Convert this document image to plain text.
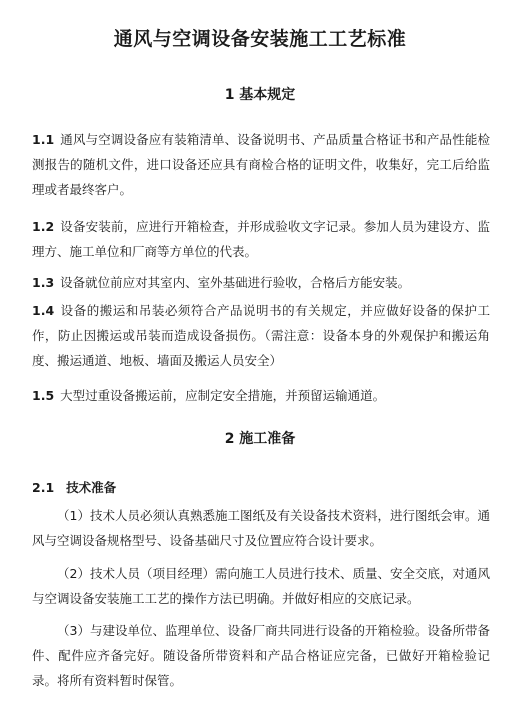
通风与空调设备安装施工工艺标准
1 基本规定
1.1 通风与空调设备应有装箱清单、设备说明书、产品质量合格证书和产品性能检测报告的随机文件，进口设备还应具有商检合格的证明文件，收集好，完工后给监理或者最终客户。
1.2 设备安装前，应进行开箱检查，并形成验收文字记录。参加人员为建设方、监理方、施工单位和厂商等方单位的代表。
1.3 设备就位前应对其室内、室外基础进行验收，合格后方能安装。
1.4 设备的搬运和吊装必须符合产品说明书的有关规定，并应做好设备的保护工作，防止因搬运或吊装而造成设备损伤。（需注意：设备本身的外观保护和搬运角度、搬运通道、地板、墙面及搬运人员安全）
1.5 大型过重设备搬运前，应制定安全措施，并预留运输通道。
2 施工准备
2.1 技术准备
（1）技术人员必须认真熟悉施工图纸及有关设备技术资料，进行图纸会审。通风与空调设备规格型号、设备基础尺寸及位置应符合设计要求。
（2）技术人员（项目经理）需向施工人员进行技术、质量、安全交底，对通风与空调设备安装施工工艺的操作方法已明确。并做好相应的交底记录。
（3）与建设单位、监理单位、设备厂商共同进行设备的开箱检验。设备所带备件、配件应齐备完好。随设备所带资料和产品合格证应完备，已做好开箱检验记录。将所有资料暂时保管。
